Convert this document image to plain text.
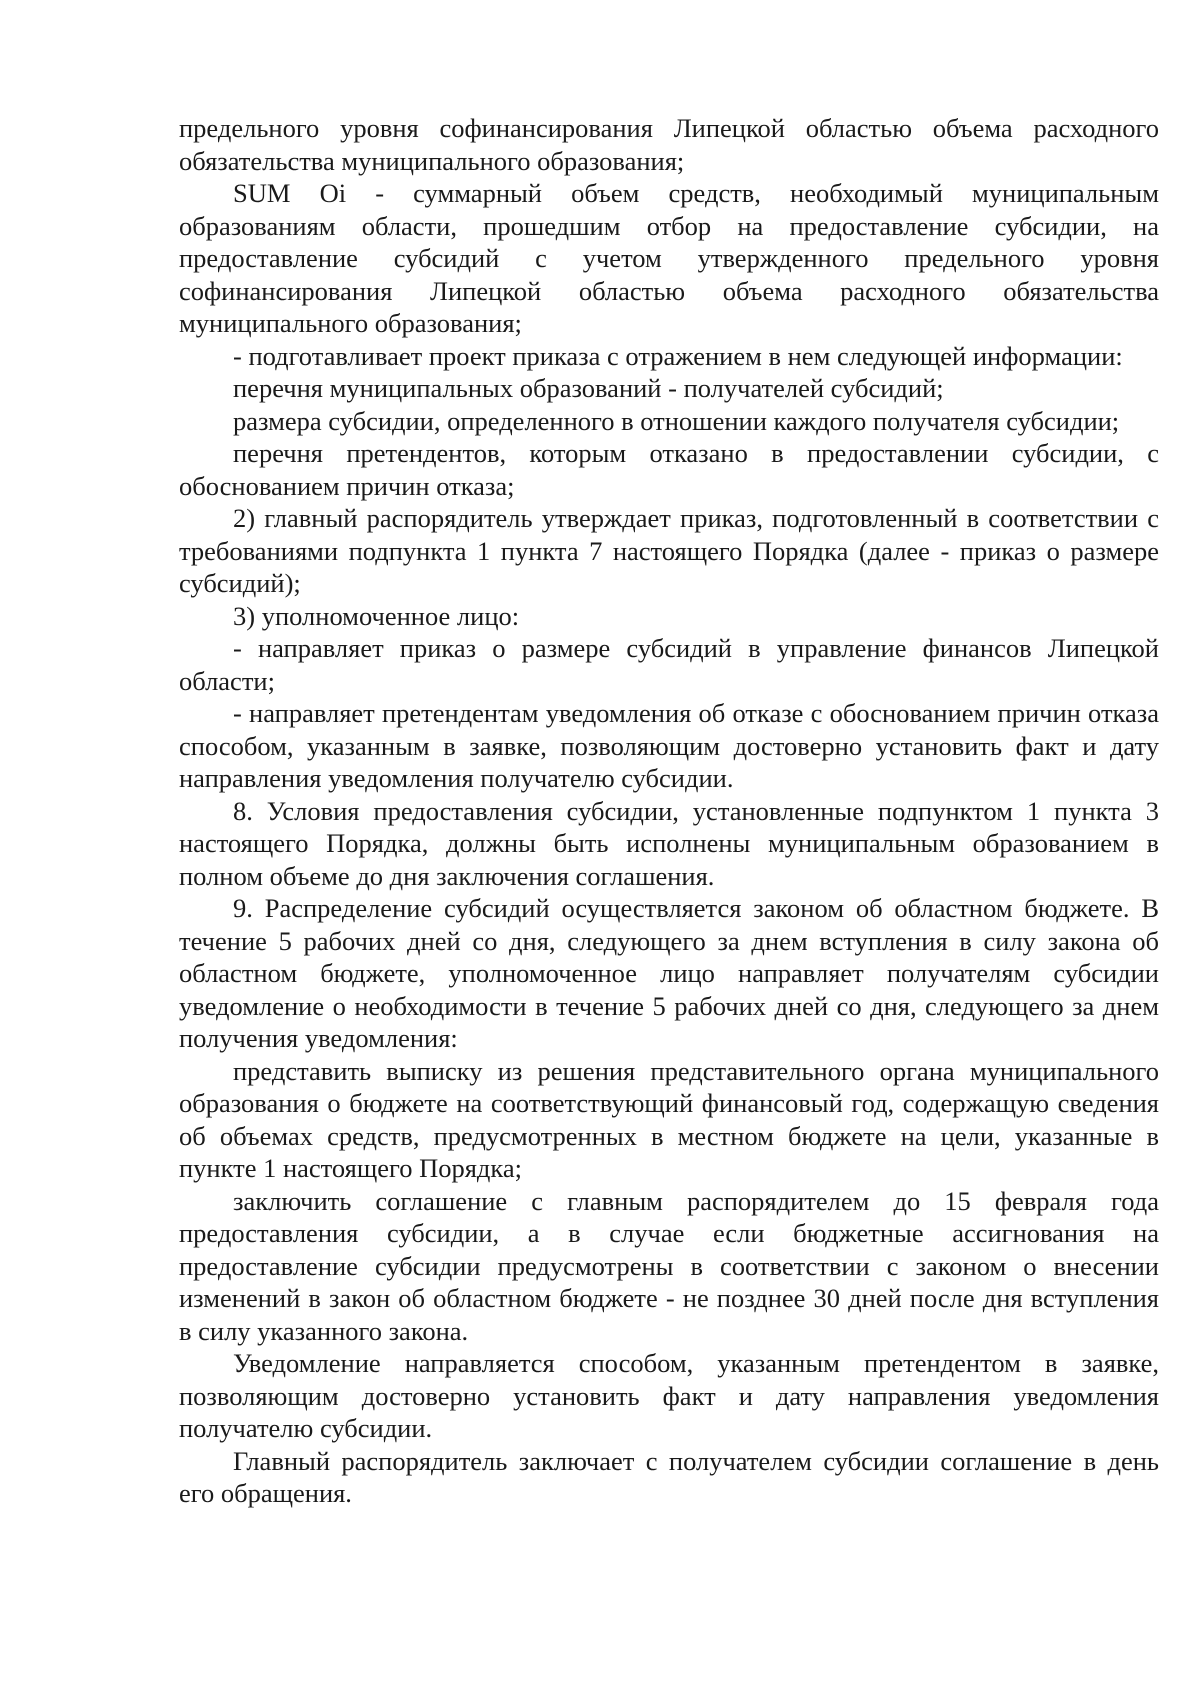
предельного уровня софинансирования Липецкой областью объема расходного обязательства муниципального образования;

SUM Oi - суммарный объем средств, необходимый муниципальным образованиям области, прошедшим отбор на предоставление субсидии, на предоставление субсидий с учетом утвержденного предельного уровня софинансирования Липецкой областью объема расходного обязательства муниципального образования;

- подготавливает проект приказа с отражением в нем следующей информации:

перечня муниципальных образований - получателей субсидий;

размера субсидии, определенного в отношении каждого получателя субсидии;

перечня претендентов, которым отказано в предоставлении субсидии, с обоснованием причин отказа;

2) главный распорядитель утверждает приказ, подготовленный в соответствии с требованиями подпункта 1 пункта 7 настоящего Порядка (далее - приказ о размере субсидий);

3) уполномоченное лицо:

- направляет приказ о размере субсидий в управление финансов Липецкой области;

- направляет претендентам уведомления об отказе с обоснованием причин отказа способом, указанным в заявке, позволяющим достоверно установить факт и дату направления уведомления получателю субсидии.

8. Условия предоставления субсидии, установленные подпунктом 1 пункта 3 настоящего Порядка, должны быть исполнены муниципальным образованием в полном объеме до дня заключения соглашения.

9. Распределение субсидий осуществляется законом об областном бюджете. В течение 5 рабочих дней со дня, следующего за днем вступления в силу закона об областном бюджете, уполномоченное лицо направляет получателям субсидии уведомление о необходимости в течение 5 рабочих дней со дня, следующего за днем получения уведомления:

представить выписку из решения представительного органа муниципального образования о бюджете на соответствующий финансовый год, содержащую сведения об объемах средств, предусмотренных в местном бюджете на цели, указанные в пункте 1 настоящего Порядка;

заключить соглашение с главным распорядителем до 15 февраля года предоставления субсидии, а в случае если бюджетные ассигнования на предоставление субсидии предусмотрены в соответствии с законом о внесении изменений в закон об областном бюджете - не позднее 30 дней после дня вступления в силу указанного закона.

Уведомление направляется способом, указанным претендентом в заявке, позволяющим достоверно установить факт и дату направления уведомления получателю субсидии.

Главный распорядитель заключает с получателем субсидии соглашение в день его обращения.
